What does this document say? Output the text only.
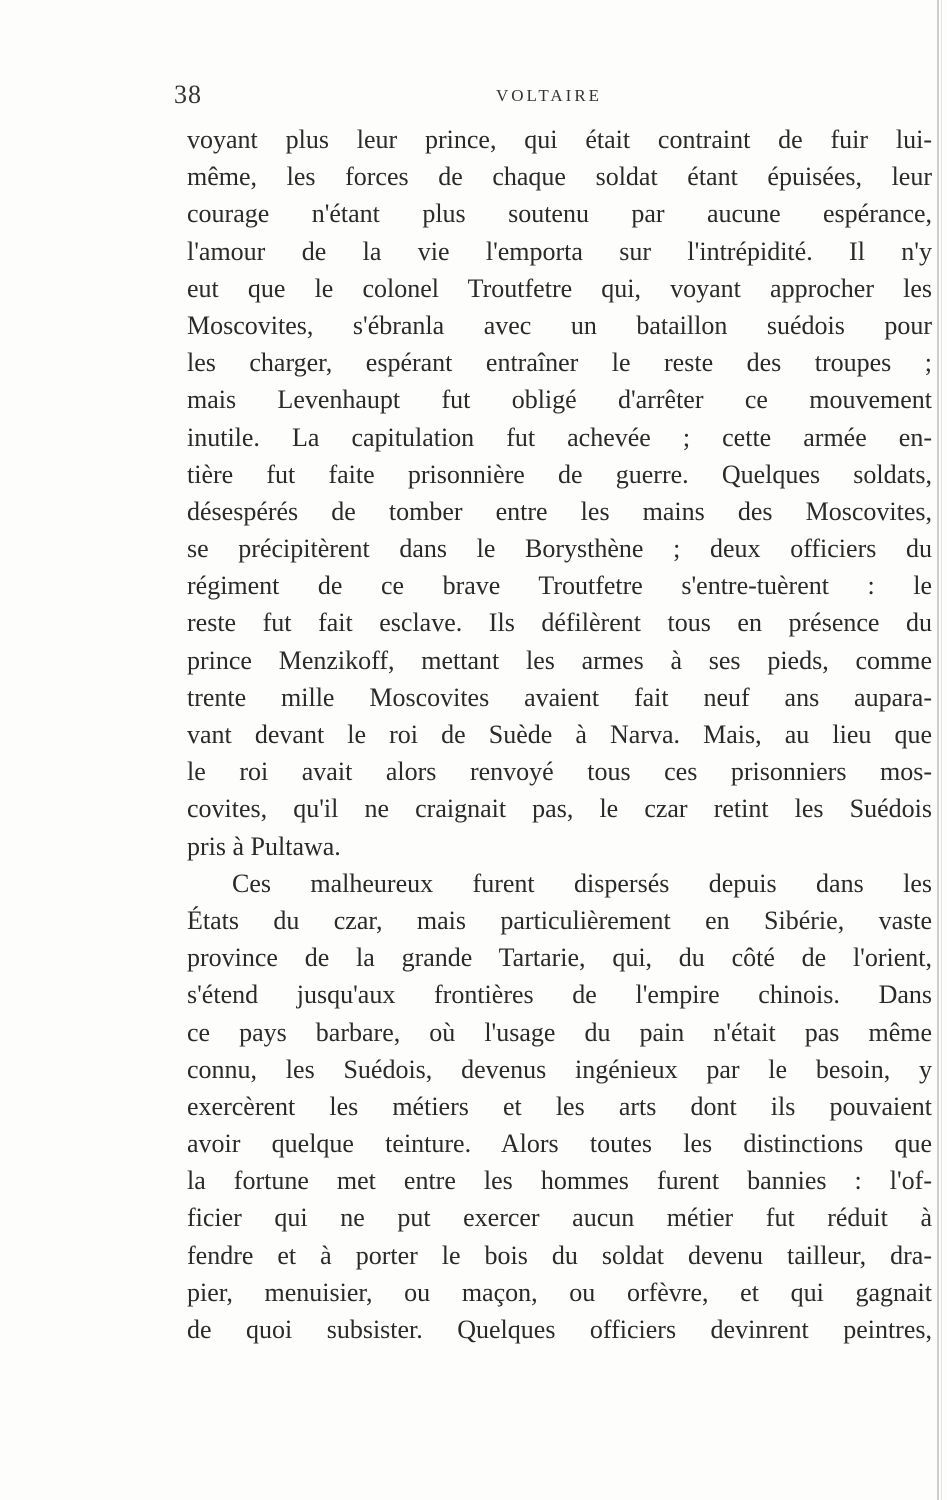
38	VOLTAIRE
voyant plus leur prince, qui était contraint de fuir lui-
même, les forces de chaque soldat étant épuisées, leur
courage n'étant plus soutenu par aucune espérance,
l'amour de la vie l'emporta sur l'intrépidité. Il n'y
eut que le colonel Troutfetre qui, voyant approcher les
Moscovites, s'ébranla avec un bataillon suédois pour
les charger, espérant entraîner le reste des troupes ;
mais Levenhaupt fut obligé d'arrêter ce mouvement
inutile. La capitulation fut achevée ; cette armée en-
tière fut faite prisonnière de guerre. Quelques soldats,
désespérés de tomber entre les mains des Moscovites,
se précipitèrent dans le Borysthène ; deux officiers du
régiment de ce brave Troutfetre s'entre-tuèrent : le
reste fut fait esclave. Ils défilèrent tous en présence du
prince Menzikoff, mettant les armes à ses pieds, comme
trente mille Moscovites avaient fait neuf ans aupara-
vant devant le roi de Suède à Narva. Mais, au lieu que
le roi avait alors renvoyé tous ces prisonniers mos-
covites, qu'il ne craignait pas, le czar retint les Suédois
pris à Pultawa.
Ces malheureux furent dispersés depuis dans les
États du czar, mais particulièrement en Sibérie, vaste
province de la grande Tartarie, qui, du côté de l'orient,
s'étend jusqu'aux frontières de l'empire chinois. Dans
ce pays barbare, où l'usage du pain n'était pas même
connu, les Suédois, devenus ingénieux par le besoin, y
exercèrent les métiers et les arts dont ils pouvaient
avoir quelque teinture. Alors toutes les distinctions que
la fortune met entre les hommes furent bannies : l'of-
ficier qui ne put exercer aucun métier fut réduit à
fendre et à porter le bois du soldat devenu tailleur, dra-
pier, menuisier, ou maçon, ou orfèvre, et qui gagnait
de quoi subsister. Quelques officiers devinrent peintres,
